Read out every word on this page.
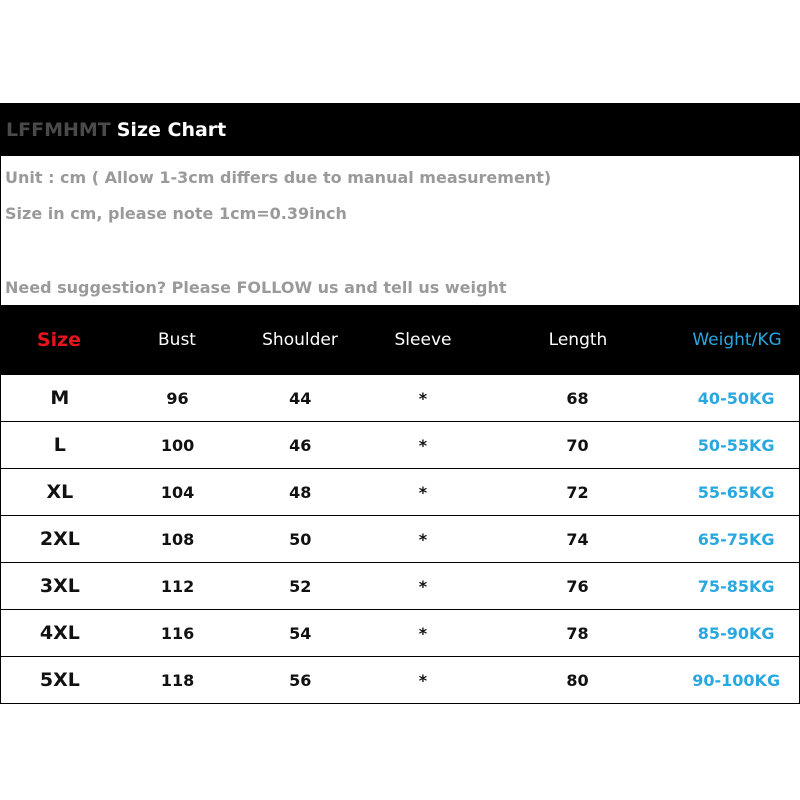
LFFMHMT Size Chart
Unit : cm ( Allow 1-3cm differs due to manual measurement)
Size in cm, please note 1cm=0.39inch
Need suggestion? Please FOLLOW us and tell us weight
Size	Bust	Shoulder	Sleeve	Length	Weight/KG
M	96	44	*	68	40-50KG
L	100	46	*	70	50-55KG
XL	104	48	*	72	55-65KG
2XL	108	50	*	74	65-75KG
3XL	112	52	*	76	75-85KG
4XL	116	54	*	78	85-90KG
5XL	118	56	*	80	90-100KG
